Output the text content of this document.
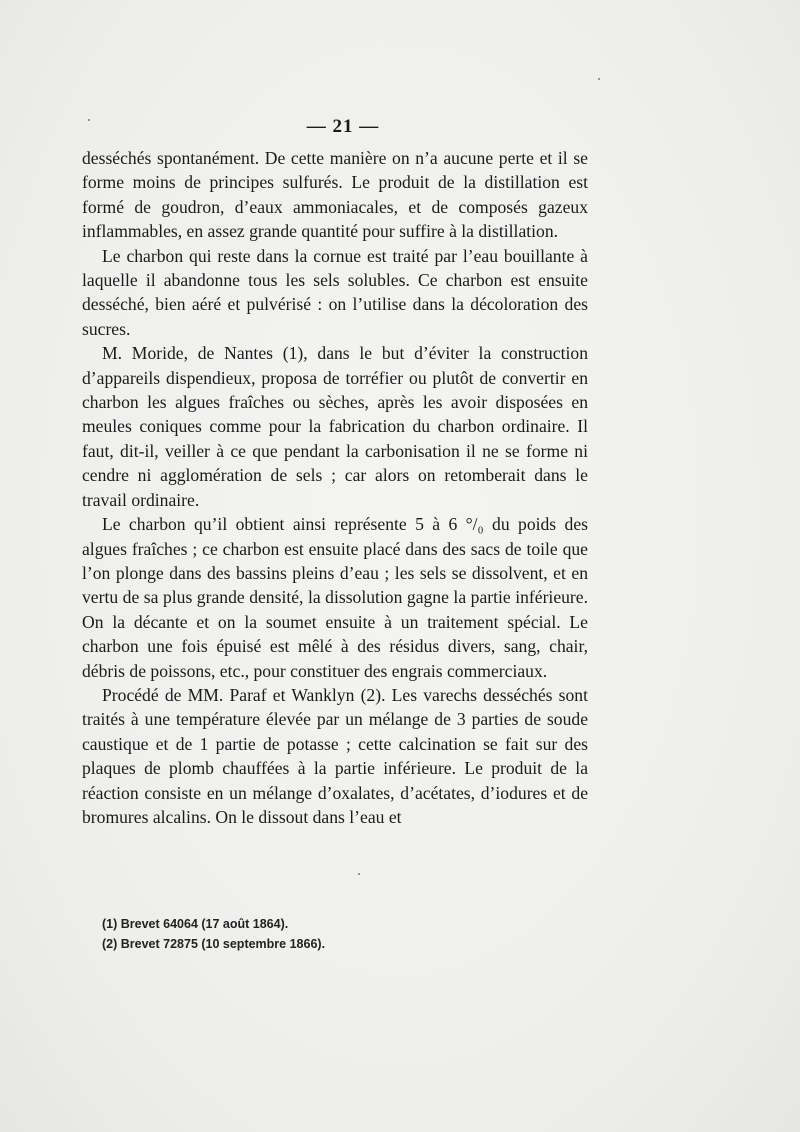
— 21 —

desséchés spontanément. De cette manière on n’a aucune perte et il se forme moins de principes sulfurés. Le produit de la distillation est formé de goudron, d’eaux ammoniacales, et de composés gazeux inflammables, en assez grande quantité pour suffire à la distillation.

Le charbon qui reste dans la cornue est traité par l’eau bouillante à laquelle il abandonne tous les sels solubles. Ce charbon est ensuite desséché, bien aéré et pulvérisé : on l’utilise dans la décoloration des sucres.

M. Moride, de Nantes (1), dans le but d’éviter la construction d’appareils dispendieux, proposa de torréfier ou plutôt de convertir en charbon les algues fraîches ou sèches, après les avoir disposées en meules coniques comme pour la fabrication du charbon ordinaire. Il faut, dit-il, veiller à ce que pendant la carbonisation il ne se forme ni cendre ni agglomération de sels ; car alors on retomberait dans le travail ordinaire.

Le charbon qu’il obtient ainsi représente 5 à 6 °/₀ du poids des algues fraîches ; ce charbon est ensuite placé dans des sacs de toile que l’on plonge dans des bassins pleins d’eau ; les sels se dissolvent, et en vertu de sa plus grande densité, la dissolution gagne la partie inférieure. On la décante et on la soumet ensuite à un traitement spécial. Le charbon une fois épuisé est mêlé à des résidus divers, sang, chair, débris de poissons, etc., pour constituer des engrais commerciaux.

Procédé de MM. Paraf et Wanklyn (2). Les varechs desséchés sont traités à une température élevée par un mélange de 3 parties de soude caustique et de 1 partie de potasse ; cette calcination se fait sur des plaques de plomb chauffées à la partie inférieure. Le produit de la réaction consiste en un mélange d’oxalates, d’acétates, d’iodures et de bromures alcalins. On le dissout dans l’eau et

(1) Brevet 64064 (17 août 1864).

(2) Brevet 72875 (10 septembre 1866).
